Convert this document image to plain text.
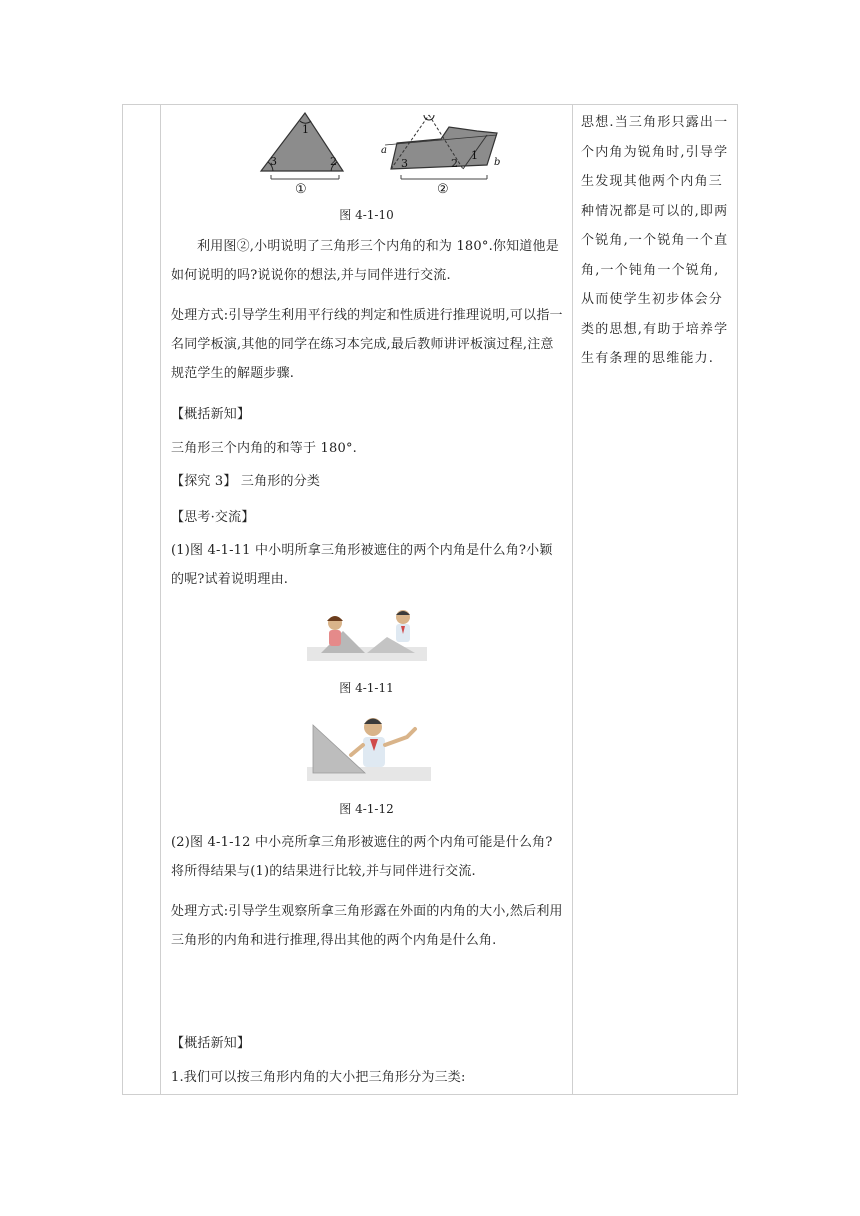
1
3	2
①
a
b
3	2
1
②
图 4-1-10

利用图②,小明说明了三角形三个内角的和为 180°.你知道他是如何说明的吗?说说你的想法,并与同伴进行交流.

处理方式:引导学生利用平行线的判定和性质进行推理说明,可以指一名同学板演,其他的同学在练习本完成,最后教师讲评板演过程,注意规范学生的解题步骤.

【概括新知】

三角形三个内角的和等于 180°.

【探究 3】 三角形的分类

【思考·交流】

(1)图 4-1-11 中小明所拿三角形被遮住的两个内角是什么角?小颖的呢?试着说明理由.

图 4-1-11
图 4-1-12

(2)图 4-1-12 中小亮所拿三角形被遮住的两个内角可能是什么角?将所得结果与(1)的结果进行比较,并与同伴进行交流.

处理方式:引导学生观察所拿三角形露在外面的内角的大小,然后利用三角形的内角和进行推理,得出其他的两个内角是什么角.

【概括新知】

1.我们可以按三角形内角的大小把三角形分为三类:

思想.当三角形只露出一个内角为锐角时,引导学生发现其他两个内角三种情况都是可以的,即两个锐角,一个锐角一个直角,一个钝角一个锐角,从而使学生初步体会分类的思想,有助于培养学生有条理的思维能力.
